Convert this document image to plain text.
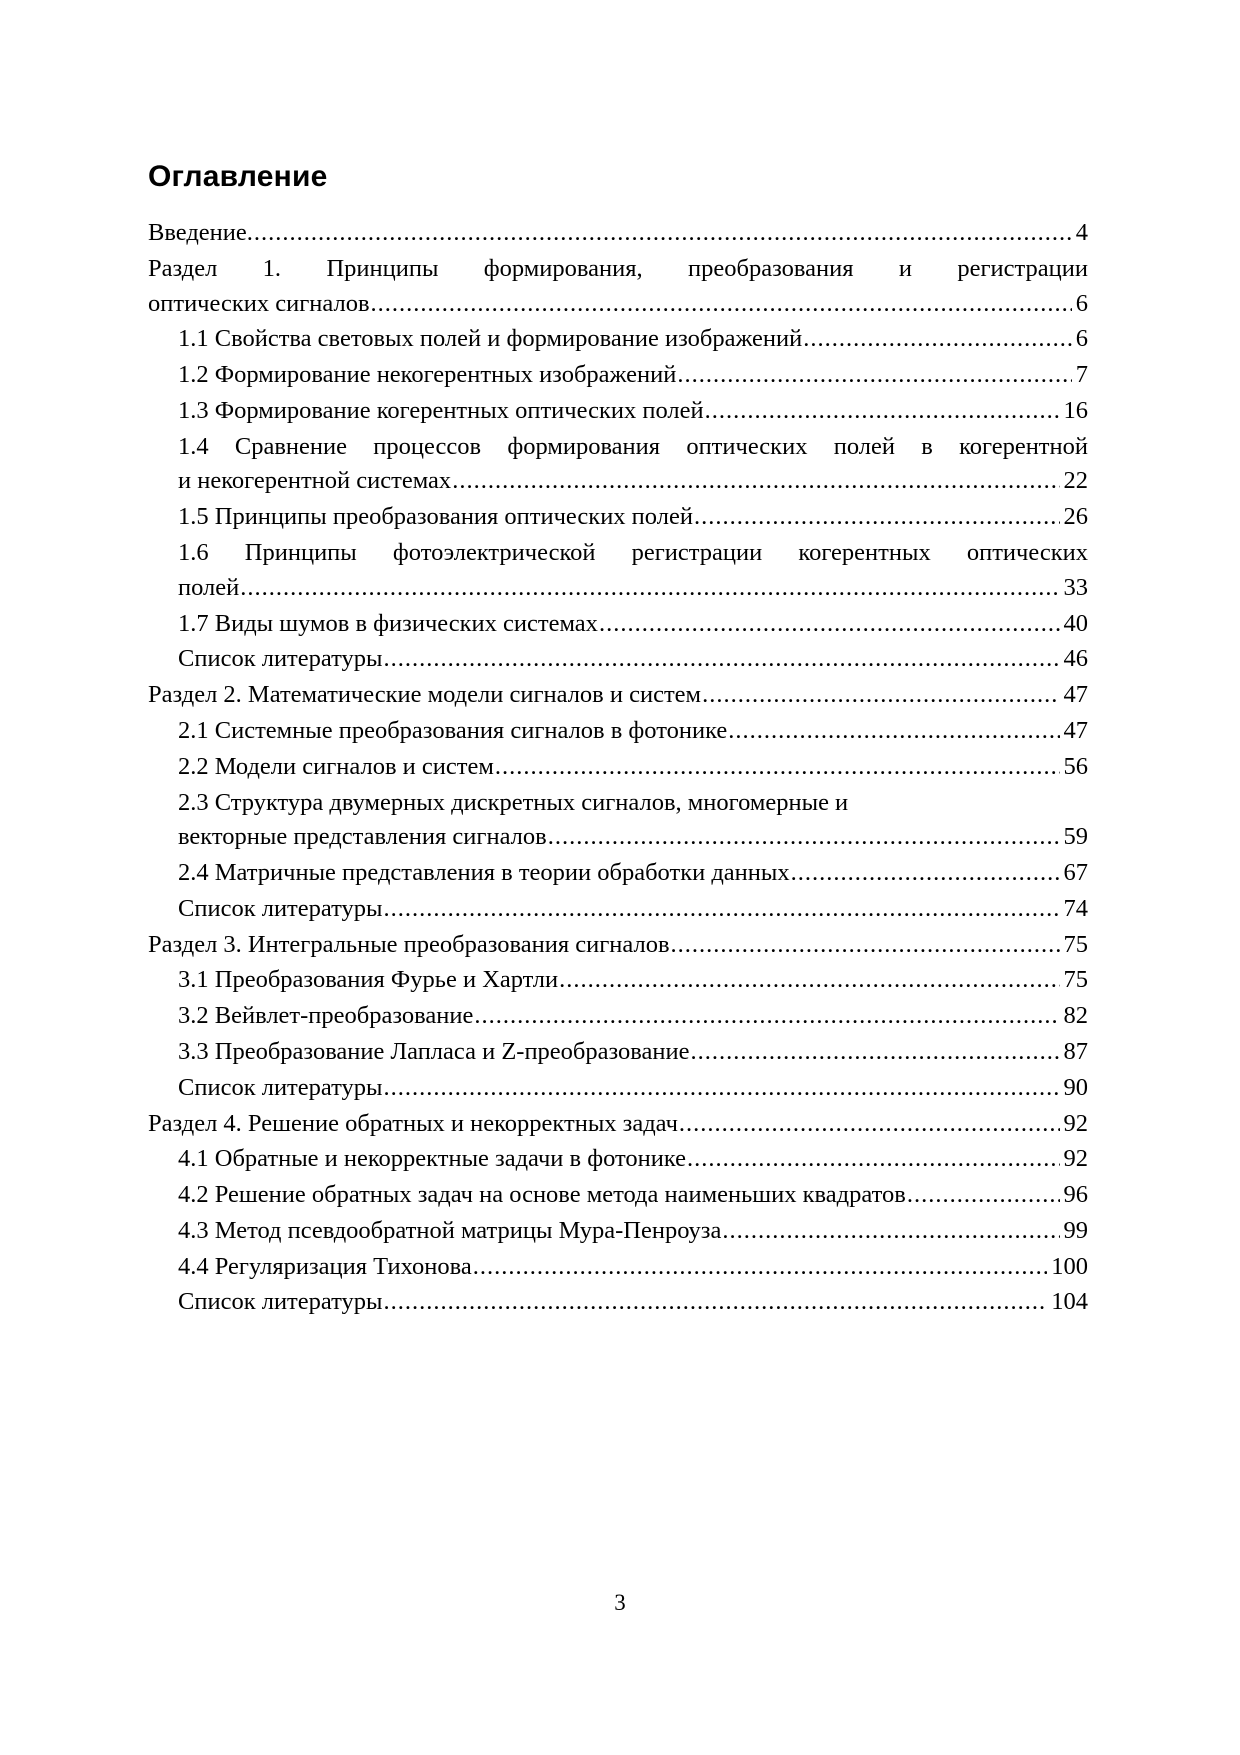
Оглавление
Введение. .....	4
Раздел 1. Принципы формирования, преобразования и регистрации
оптических сигналов .....	6
1.1 Свойства световых полей и формирование изображений .....	6
1.2 Формирование некогерентных изображений .....	7
1.3 Формирование когерентных оптических полей .....	16
1.4 Сравнение процессов формирования оптических полей в когерентной
и некогерентной системах .....	22
1.5 Принципы преобразования оптических полей .....	26
1.6 Принципы фотоэлектрической регистрации когерентных оптических
полей .....	33
1.7 Виды шумов в физических системах .....	40
Список литературы .....	46
Раздел 2. Математические модели сигналов и систем .....	47
2.1 Системные преобразования сигналов в фотонике .....	47
2.2 Модели сигналов и систем .....	56
2.3 Структура двумерных дискретных сигналов, многомерные и
векторные представления сигналов .....	59
2.4 Матричные представления в теории обработки данных .....	67
Список литературы .....	74
Раздел 3. Интегральные преобразования сигналов .....	75
3.1 Преобразования Фурье и Хартли .....	75
3.2 Вейвлет-преобразование .....	82
3.3 Преобразование Лапласа и Z-преобразование .....	87
Список литературы .....	90
Раздел 4. Решение обратных и некорректных задач .....	92
4.1 Обратные и некорректные задачи в фотонике .....	92
4.2 Решение обратных задач на основе метода наименьших квадратов .....	96
4.3 Метод псевдообратной матрицы Мура-Пенроуза .....	99
4.4 Регуляризация Тихонова .....	100
Список литературы .....	104
3
